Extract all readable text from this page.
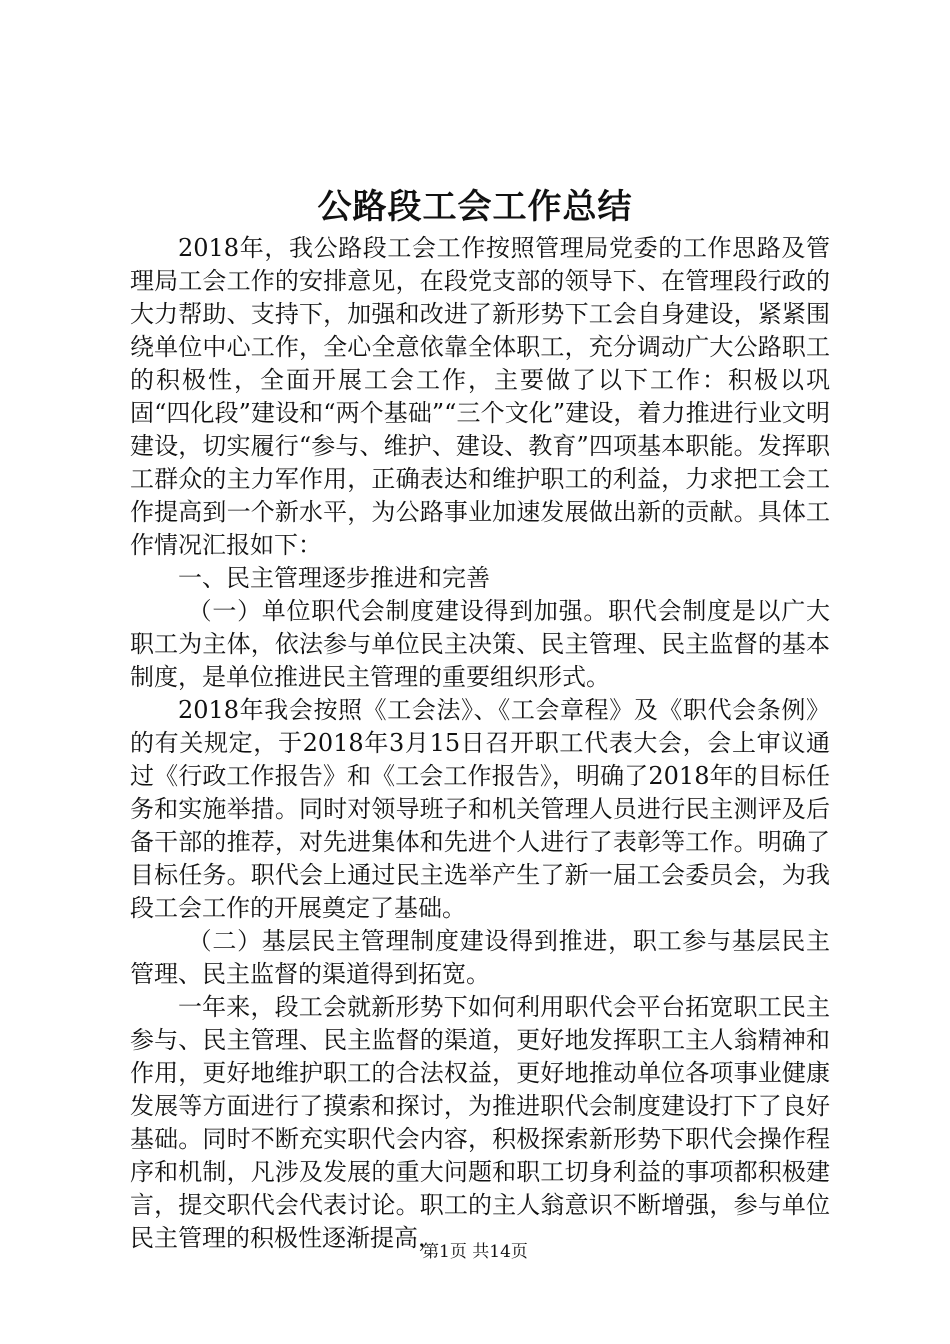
公路段工会工作总结

2018年，我公路段工会工作按照管理局党委的工作思路及管理局工会工作的安排意见，在段党支部的领导下、在管理段行政的大力帮助、支持下，加强和改进了新形势下工会自身建设，紧紧围绕单位中心工作，全心全意依靠全体职工，充分调动广大公路职工的积极性，全面开展工会工作，主要做了以下工作：积极以巩固“四化段”建设和“两个基础”“三个文化”建设，着力推进行业文明建设，切实履行“参与、维护、建设、教育”四项基本职能。发挥职工群众的主力军作用，正确表达和维护职工的利益，力求把工会工作提高到一个新水平，为公路事业加速发展做出新的贡献。具体工作情况汇报如下：

一、民主管理逐步推进和完善

（一）单位职代会制度建设得到加强。职代会制度是以广大职工为主体，依法参与单位民主决策、民主管理、民主监督的基本制度，是单位推进民主管理的重要组织形式。

2018年我会按照《工会法》、《工会章程》及《职代会条例》的有关规定，于2018年3月15日召开职工代表大会，会上审议通过《行政工作报告》和《工会工作报告》，明确了2018年的目标任务和实施举措。同时对领导班子和机关管理人员进行民主测评及后备干部的推荐，对先进集体和先进个人进行了表彰等工作。明确了目标任务。职代会上通过民主选举产生了新一届工会委员会，为我段工会工作的开展奠定了基础。

（二）基层民主管理制度建设得到推进，职工参与基层民主管理、民主监督的渠道得到拓宽。

一年来，段工会就新形势下如何利用职代会平台拓宽职工民主参与、民主管理、民主监督的渠道，更好地发挥职工主人翁精神和作用，更好地维护职工的合法权益，更好地推动单位各项事业健康发展等方面进行了摸索和探讨，为推进职代会制度建设打下了良好基础。同时不断充实职代会内容，积极探索新形势下职代会操作程序和机制，凡涉及发展的重大问题和职工切身利益的事项都积极建言，提交职代会代表讨论。职工的主人翁意识不断增强，参与单位民主管理的积极性逐渐提高，

第1页 共14页
